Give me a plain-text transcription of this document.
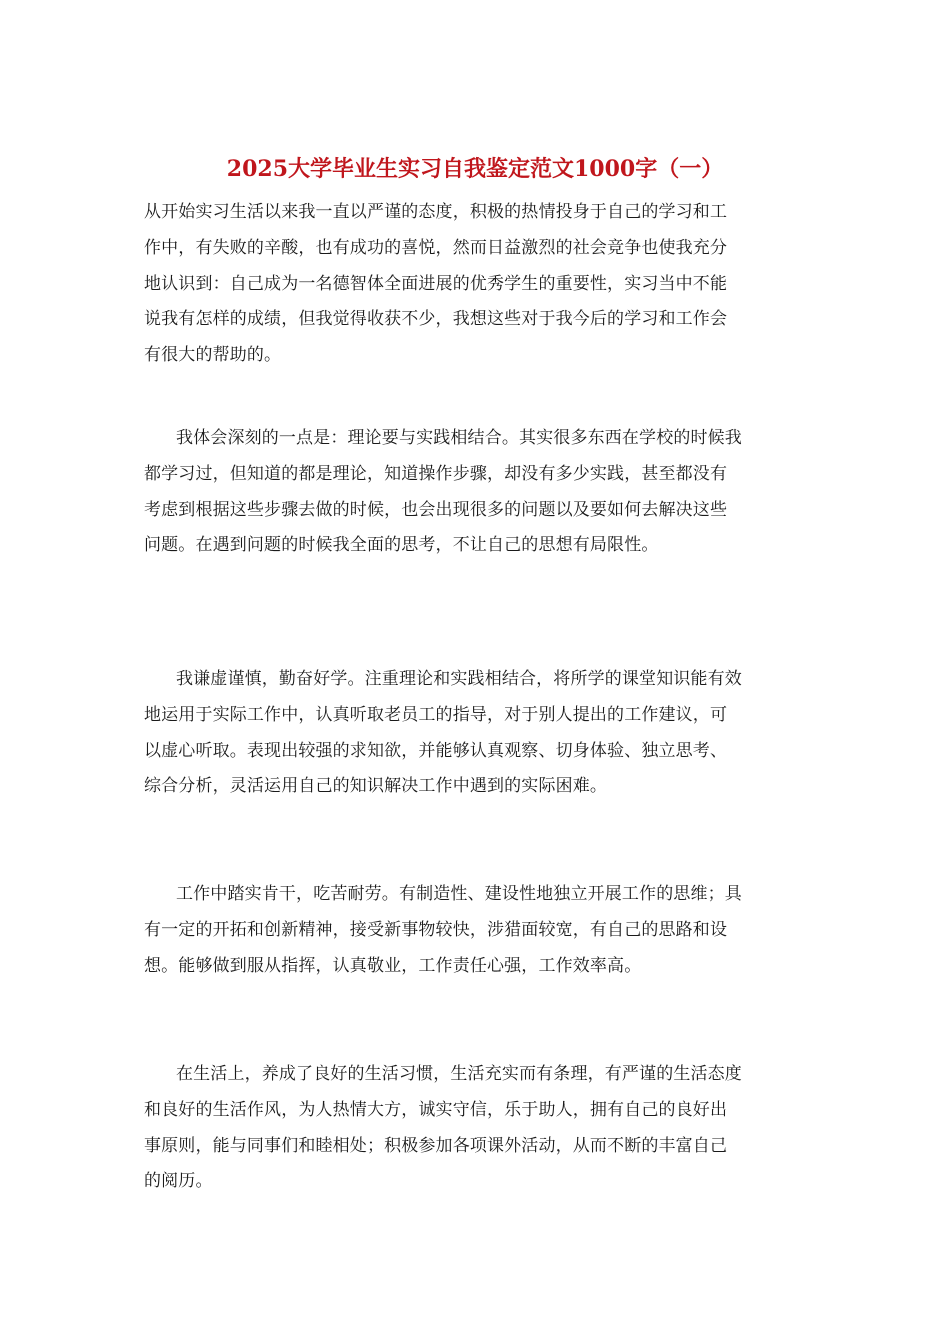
2025大学毕业生实习自我鉴定范文1000字（一）

从开始实习生活以来我一直以严谨的态度，积极的热情投身于自己的学习和工
作中，有失败的辛酸，也有成功的喜悦，然而日益激烈的社会竞争也使我充分
地认识到：自己成为一名德智体全面进展的优秀学生的重要性，实习当中不能
说我有怎样的成绩，但我觉得收获不少，我想这些对于我今后的学习和工作会
有很大的帮助的。

我体会深刻的一点是：理论要与实践相结合。其实很多东西在学校的时候我
都学习过，但知道的都是理论，知道操作步骤，却没有多少实践，甚至都没有
考虑到根据这些步骤去做的时候，也会出现很多的问题以及要如何去解决这些
问题。在遇到问题的时候我全面的思考，不让自己的思想有局限性。

我谦虚谨慎，勤奋好学。注重理论和实践相结合，将所学的课堂知识能有效
地运用于实际工作中，认真听取老员工的指导，对于别人提出的工作建议，可
以虚心听取。表现出较强的求知欲，并能够认真观察、切身体验、独立思考、
综合分析，灵活运用自己的知识解决工作中遇到的实际困难。

工作中踏实肯干，吃苦耐劳。有制造性、建设性地独立开展工作的思维；具
有一定的开拓和创新精神，接受新事物较快，涉猎面较宽，有自己的思路和设
想。能够做到服从指挥，认真敬业，工作责任心强，工作效率高。

在生活上，养成了良好的生活习惯，生活充实而有条理，有严谨的生活态度
和良好的生活作风，为人热情大方，诚实守信，乐于助人，拥有自己的良好出
事原则，能与同事们和睦相处；积极参加各项课外活动，从而不断的丰富自己
的阅历。
